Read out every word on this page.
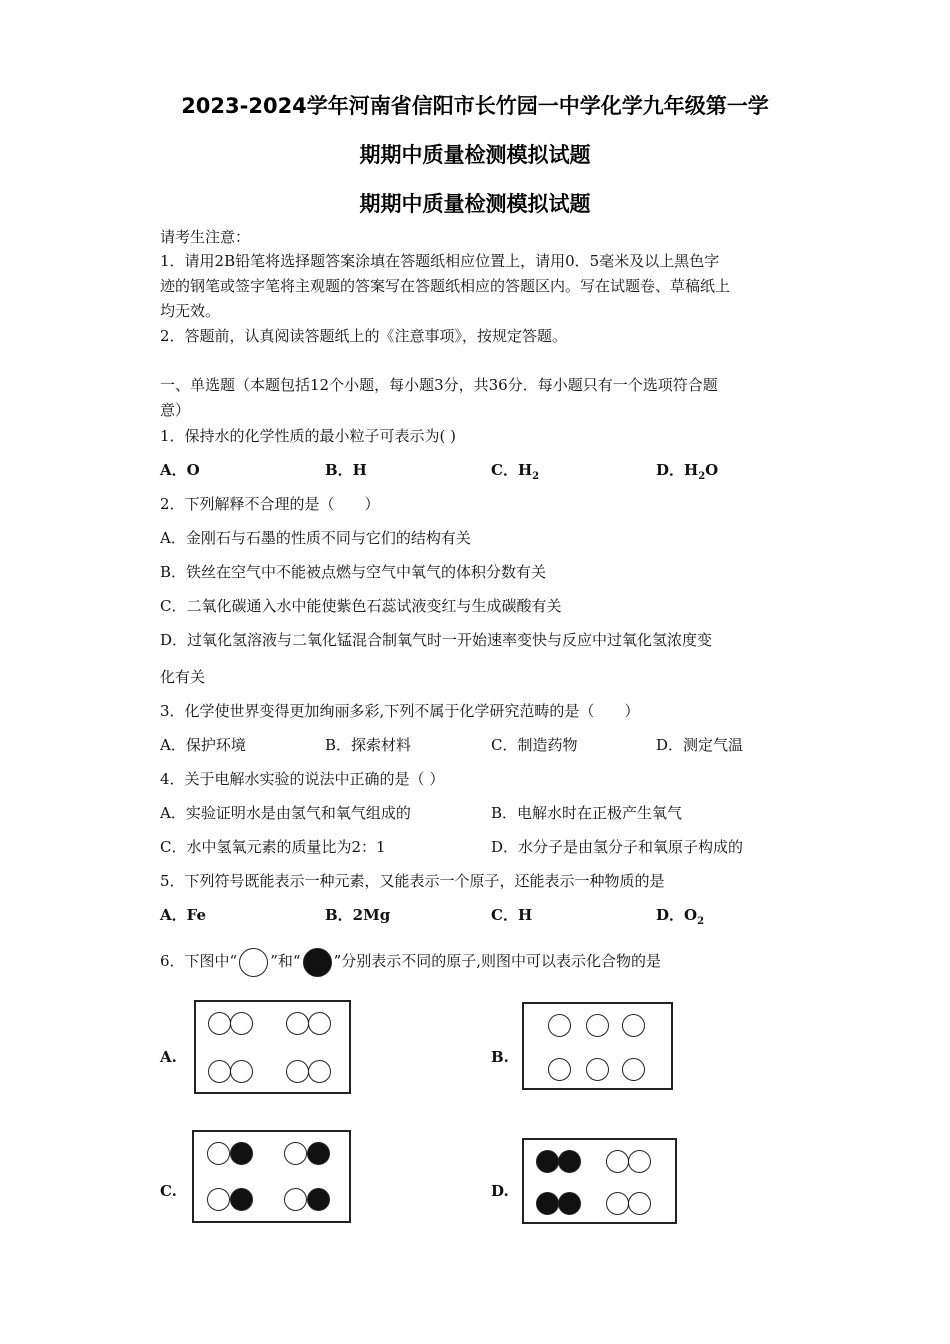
2023-2024学年河南省信阳市长竹园一中学化学九年级第一学
期期中质量检测模拟试题
期期中质量检测模拟试题
请考生注意：
1．请用2B铅笔将选择题答案涂填在答题纸相应位置上，请用0．5毫米及以上黑色字
迹的钢笔或签字笔将主观题的答案写在答题纸相应的答题区内。写在试题卷、草稿纸上
均无效。
2．答题前，认真阅读答题纸上的《注意事项》，按规定答题。
一、单选题（本题包括12个小题，每小题3分，共36分．每小题只有一个选项符合题
意）
1．保持水的化学性质的最小粒子可表示为( )
A．O	B．H	C．$H_2$	D．$H_2O$
2．下列解释不合理的是（　　）
A．金刚石与石墨的性质不同与它们的结构有关
B．铁丝在空气中不能被点燃与空气中氧气的体积分数有关
C．二氧化碳通入水中能使紫色石蕊试液变红与生成碳酸有关
D．过氧化氢溶液与二氧化锰混合制氧气时一开始速率变快与反应中过氧化氢浓度变
化有关
3．化学使世界变得更加绚丽多彩,下列不属于化学研究范畴的是（　　）
A．保护环境	B．探索材料	C．制造药物	D．测定气温
4．关于电解水实验的说法中正确的是（ ）
A．实验证明水是由氢气和氧气组成的	B．电解水时在正极产生氧气
C．水中氢氧元素的质量比为2：1	D．水分子是由氢分子和氧原子构成的
5．下列符号既能表示一种元素，又能表示一个原子，还能表示一种物质的是
A．Fe	B．2Mg	C．H	D．$O_2$
6．下图中“ ”和“ ”分别表示不同的原子,则图中可以表示化合物的是
A.	B.
C.	D.
